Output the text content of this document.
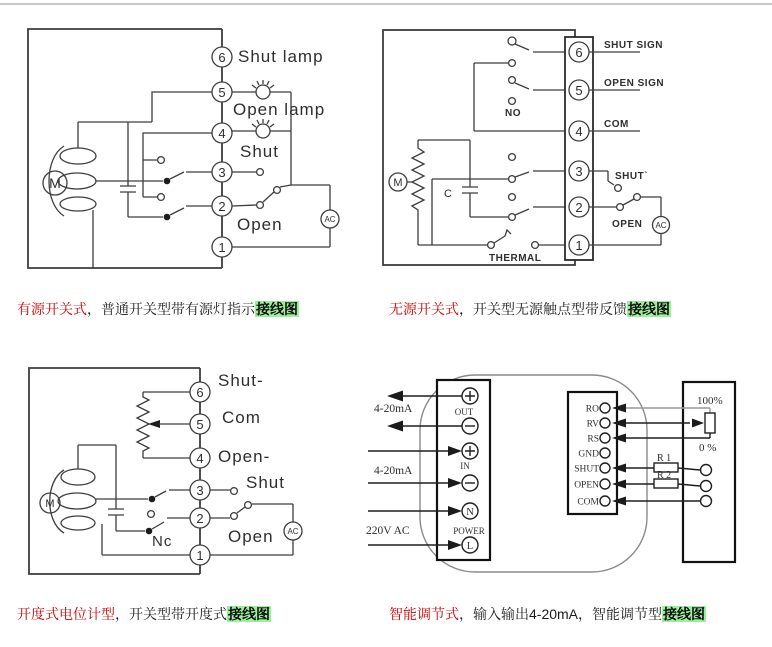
M
AC
6
5
4
3
2
1
Shut lamp
Open lamp
Shut
Open
M
C
THERMAL
NO
6
5
4
3
2
1
AC
SHUT SIGN
OPEN SIGN
COM
SHUT`
OPEN
M
AC
6
5
4
3
2
1
Shut-
Com
Open-
Shut
Open
Nc
4-20mA
4-20mA
220V AC
N
L
OUT
IN
POWER
RO
RV
RS
GND
SHUT
OPEN
COM
R 1
R 2
100%
0 %
有源开关式，普通开关型带有源灯指示接线图	无源开关式，开关型无源触点型带反馈接线图
开度式电位计型，开关型带开度式接线图	智能调节式，输入输出4-20mA，智能调节型接线图
